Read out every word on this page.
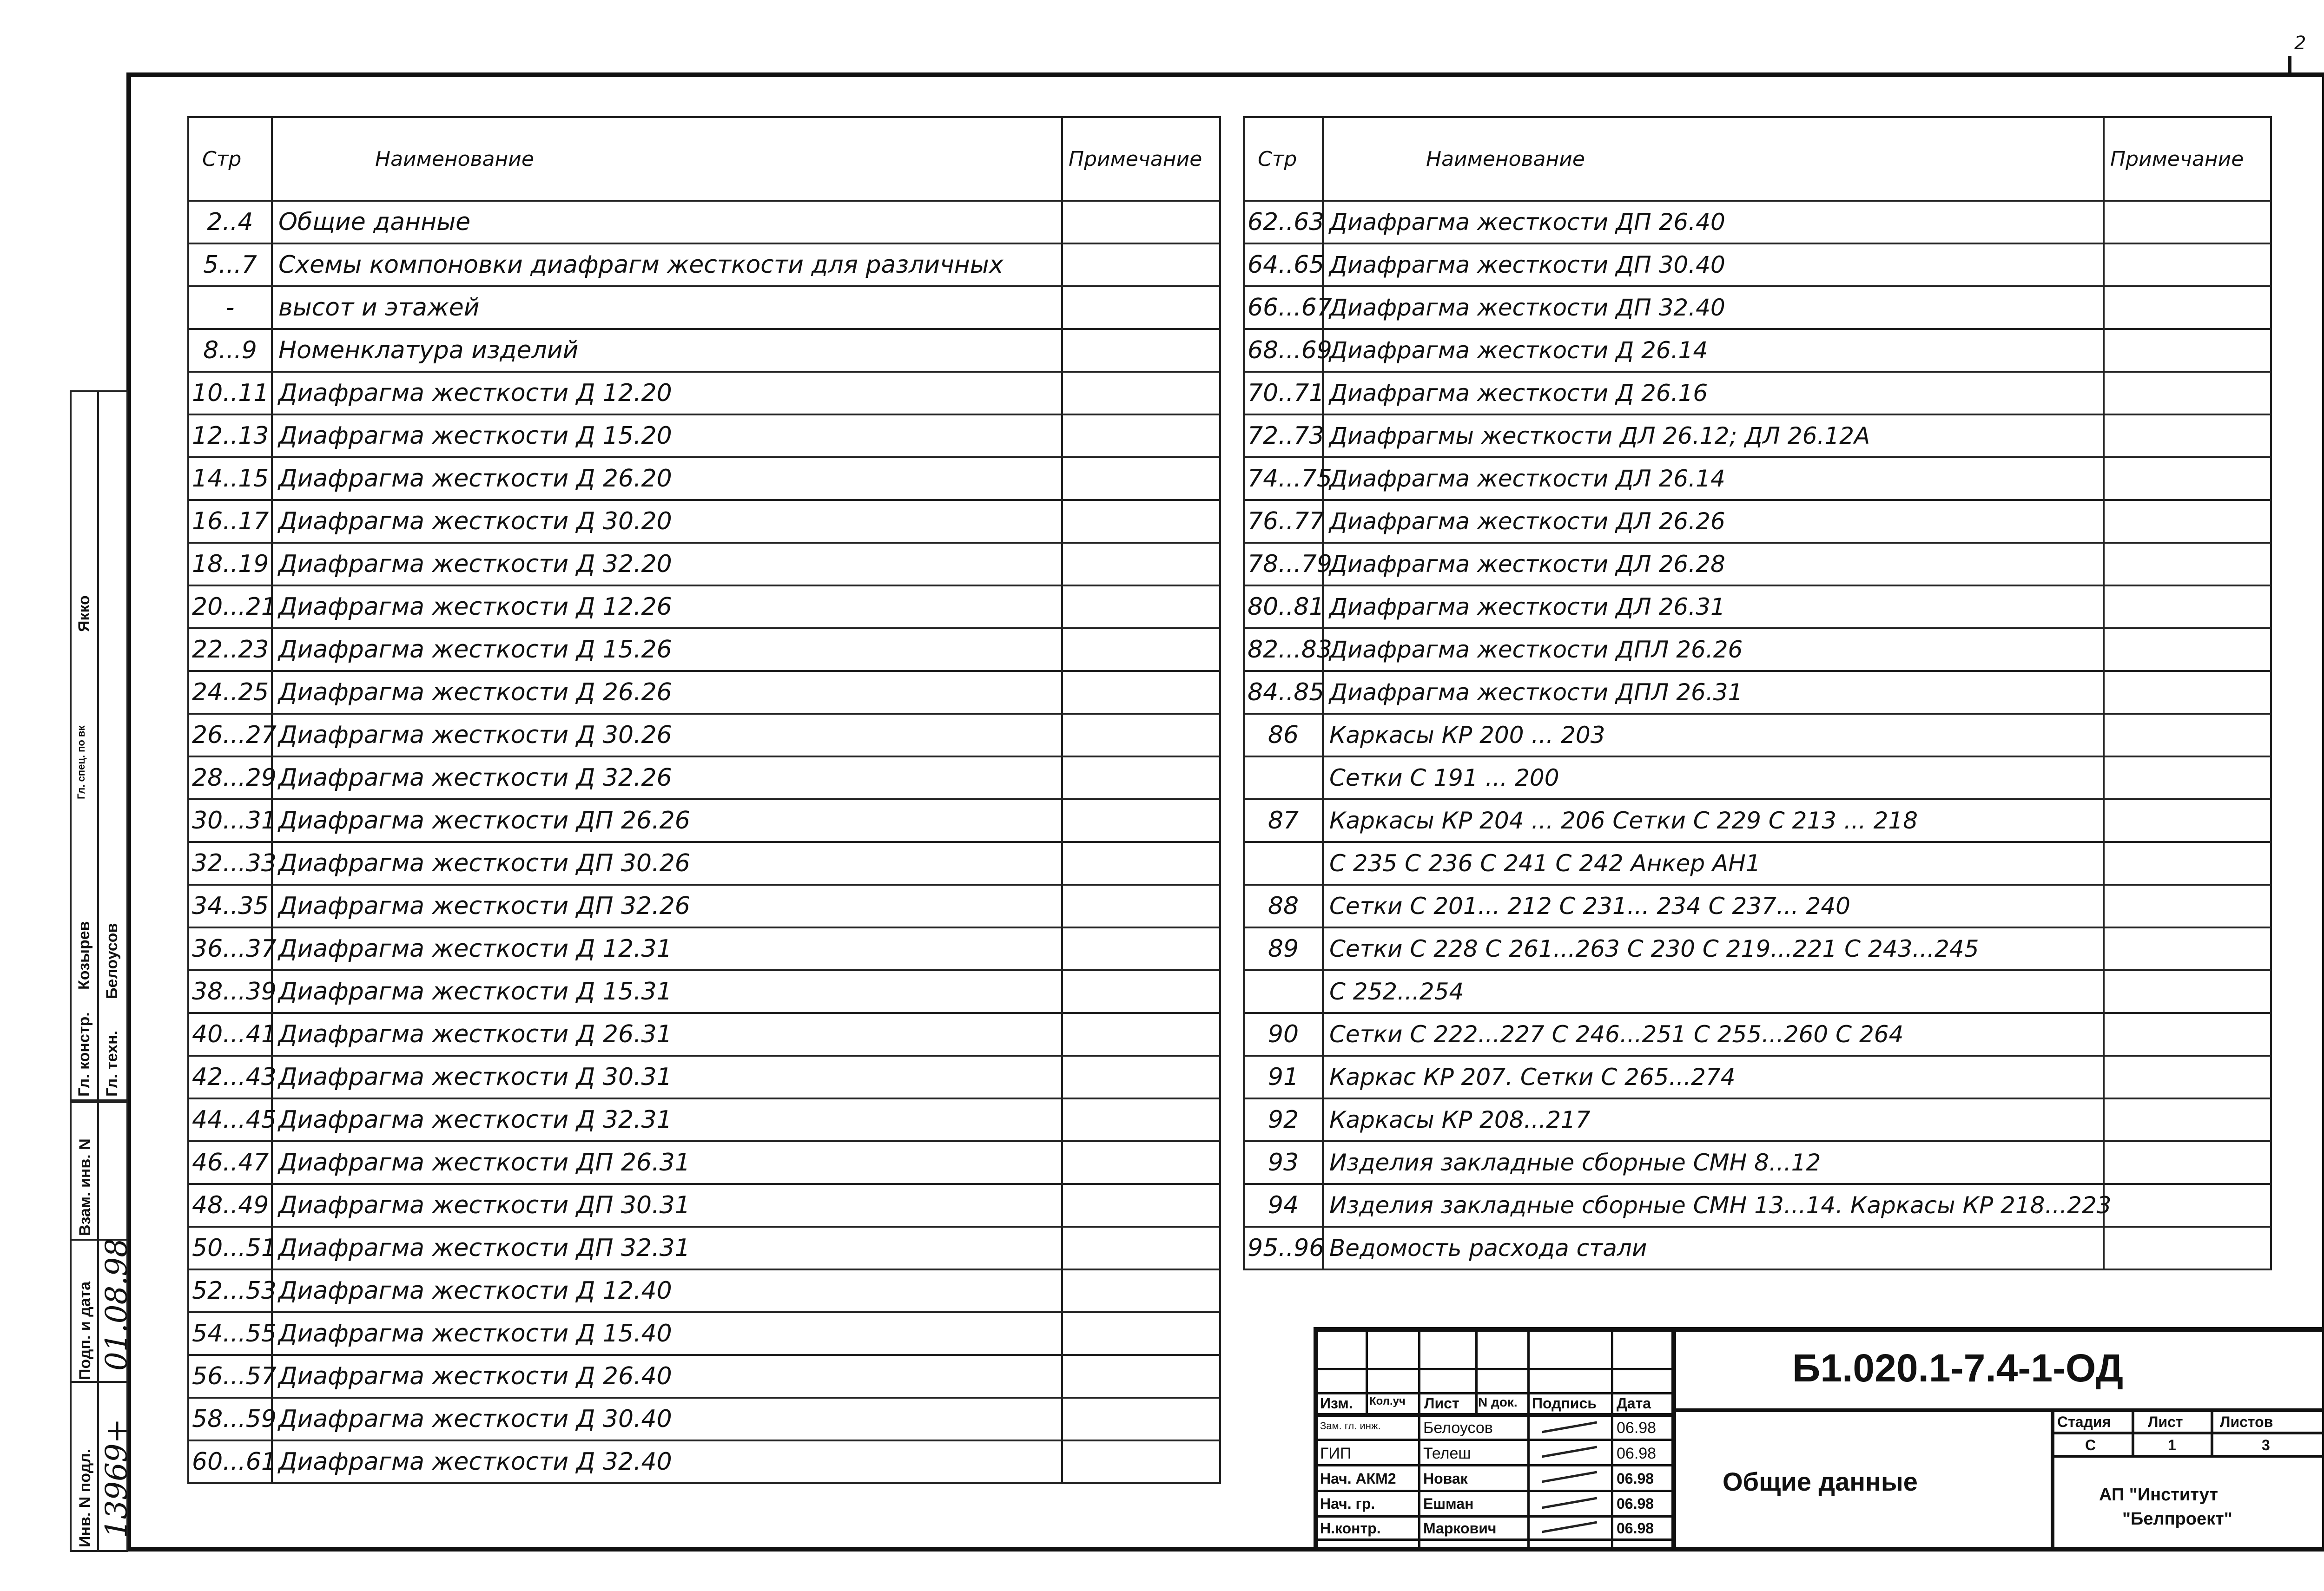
2
Стр	Наименование	Примечание
2..4	Общие данные	
5...7	Схемы компоновки диафрагм жесткости для различных	
-	высот и этажей	
8...9	Номенклатура изделий	
10..11	Диафрагма жесткости Д 12.20	
12..13	Диафрагма жесткости Д 15.20	
14..15	Диафрагма жесткости Д 26.20	
16..17	Диафрагма жесткости Д 30.20	
18..19	Диафрагма жесткости Д 32.20	
20...21	Диафрагма жесткости Д 12.26	
22..23	Диафрагма жесткости Д 15.26	
24..25	Диафрагма жесткости Д 26.26	
26...27	Диафрагма жесткости Д 30.26	
28...29	Диафрагма жесткости Д 32.26	
30...31	Диафрагма жесткости ДП 26.26	
32...33	Диафрагма жесткости ДП 30.26	
34..35	Диафрагма жесткости ДП 32.26	
36...37	Диафрагма жесткости Д 12.31	
38...39	Диафрагма жесткости Д 15.31	
40...41	Диафрагма жесткости Д 26.31	
42...43	Диафрагма жесткости Д 30.31	
44...45	Диафрагма жесткости Д 32.31	
46..47	Диафрагма жесткости ДП 26.31	
48..49	Диафрагма жесткости ДП 30.31	
50...51	Диафрагма жесткости ДП 32.31	
52...53	Диафрагма жесткости Д 12.40	
54...55	Диафрагма жесткости Д 15.40	
56...57	Диафрагма жесткости Д 26.40	
58...59	Диафрагма жесткости Д 30.40	
60...61	Диафрагма жесткости Д 32.40	
Стр	Наименование	Примечание
62..63	Диафрагма жесткости ДП 26.40	
64..65	Диафрагма жесткости ДП 30.40	
66...67	Диафрагма жесткости ДП 32.40	
68...69	Диафрагма жесткости Д 26.14	
70..71	Диафрагма жесткости Д 26.16	
72..73	Диафрагмы жесткости ДЛ 26.12; ДЛ 26.12А	
74...75	Диафрагма жесткости ДЛ 26.14	
76..77	Диафрагма жесткости ДЛ 26.26	
78...79	Диафрагма жесткости ДЛ 26.28	
80..81	Диафрагма жесткости ДЛ 26.31	
82...83	Диафрагма жесткости ДПЛ 26.26	
84..85	Диафрагма жесткости ДПЛ 26.31	
86	Каркасы КР 200 ... 203	
	Сетки С 191 ... 200	
87	Каркасы КР 204 ... 206 Сетки С 229 С 213 ... 218	
	С 235 С 236 С 241 С 242 Анкер АН1	
88	Сетки С 201... 212 С 231... 234 С 237... 240	
89	Сетки С 228 С 261...263 С 230 С 219...221 С 243...245	
	С 252...254	
90	Сетки С 222...227 С 246...251 С 255...260 С 264	
91	Каркас КР 207. Сетки С 265...274	
92	Каркасы КР 208...217	
93	Изделия закладные сборные СМН 8...12	
94	Изделия закладные сборные СМН 13...14. Каркасы КР 218...223	
95..96	Ведомость расхода стали	
Гл. констр.
Козырев
Гл. техн.
Белоусов
Гл. спец. по вк
Якко
Взам. инв. N
Подп. и дата 01.08.98
Инв. N подл. 13969+
Изм. Кол.уч Лист N док. Подпись Дата
Зам. гл. инж.	Белоусов	06.98
ГИП	Телеш	06.98
Нач. АКМ2 Новак	06.98
Нач. гр.	Ешман	06.98
Н.контр.	Маркович	06.98
Б1.020.1-7.4-1-ОД
Общие данные
Стадия Лист Листов
С	1	3
АП "Институт
"Белпроект"
